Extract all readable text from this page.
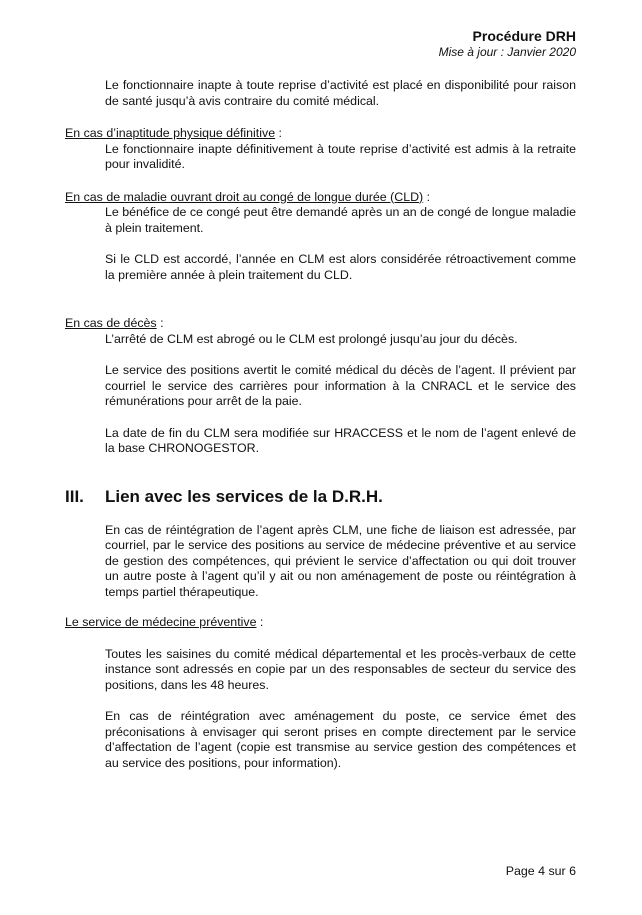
Procédure DRH
Mise à jour : Janvier 2020

Le fonctionnaire inapte à toute reprise d’activité est placé en disponibilité pour raison de santé jusqu’à avis contraire du comité médical.

En cas d’inaptitude physique définitive :

Le fonctionnaire inapte définitivement à toute reprise d’activité est admis à la retraite pour invalidité.

En cas de maladie ouvrant droit au congé de longue durée (CLD) :

Le bénéfice de ce congé peut être demandé après un an de congé de longue maladie à plein traitement.

Si le CLD est accordé, l’année en CLM est alors considérée rétroactivement comme la première année à plein traitement du CLD.

En cas de décès :

L’arrêté de CLM est abrogé ou le CLM est prolongé jusqu’au jour du décès.

Le service des positions avertit le comité médical du décès de l’agent. Il prévient par courriel le service des carrières pour information à la CNRACL et le service des rémunérations pour arrêt de la paie.

La date de fin du CLM sera modifiée sur HRACCESS et le nom de l’agent enlevé de la base CHRONOGESTOR.

III.	Lien avec les services de la D.R.H.

En cas de réintégration de l’agent après CLM, une fiche de liaison est adressée, par courriel, par le service des positions au service de médecine préventive et au service de gestion des compétences, qui prévient le service d’affectation ou qui doit trouver un autre poste à l’agent qu’il y ait ou non aménagement de poste ou réintégration à temps partiel thérapeutique.

Le service de médecine préventive :

Toutes les saisines du comité médical départemental et les procès-verbaux de cette instance sont adressés en copie par un des responsables de secteur du service des positions, dans les 48 heures.

En cas de réintégration avec aménagement du poste, ce service émet des préconisations à envisager qui seront prises en compte directement par le service d’affectation de l’agent (copie est transmise au service gestion des compétences et au service des positions, pour information).

Page 4 sur 6
